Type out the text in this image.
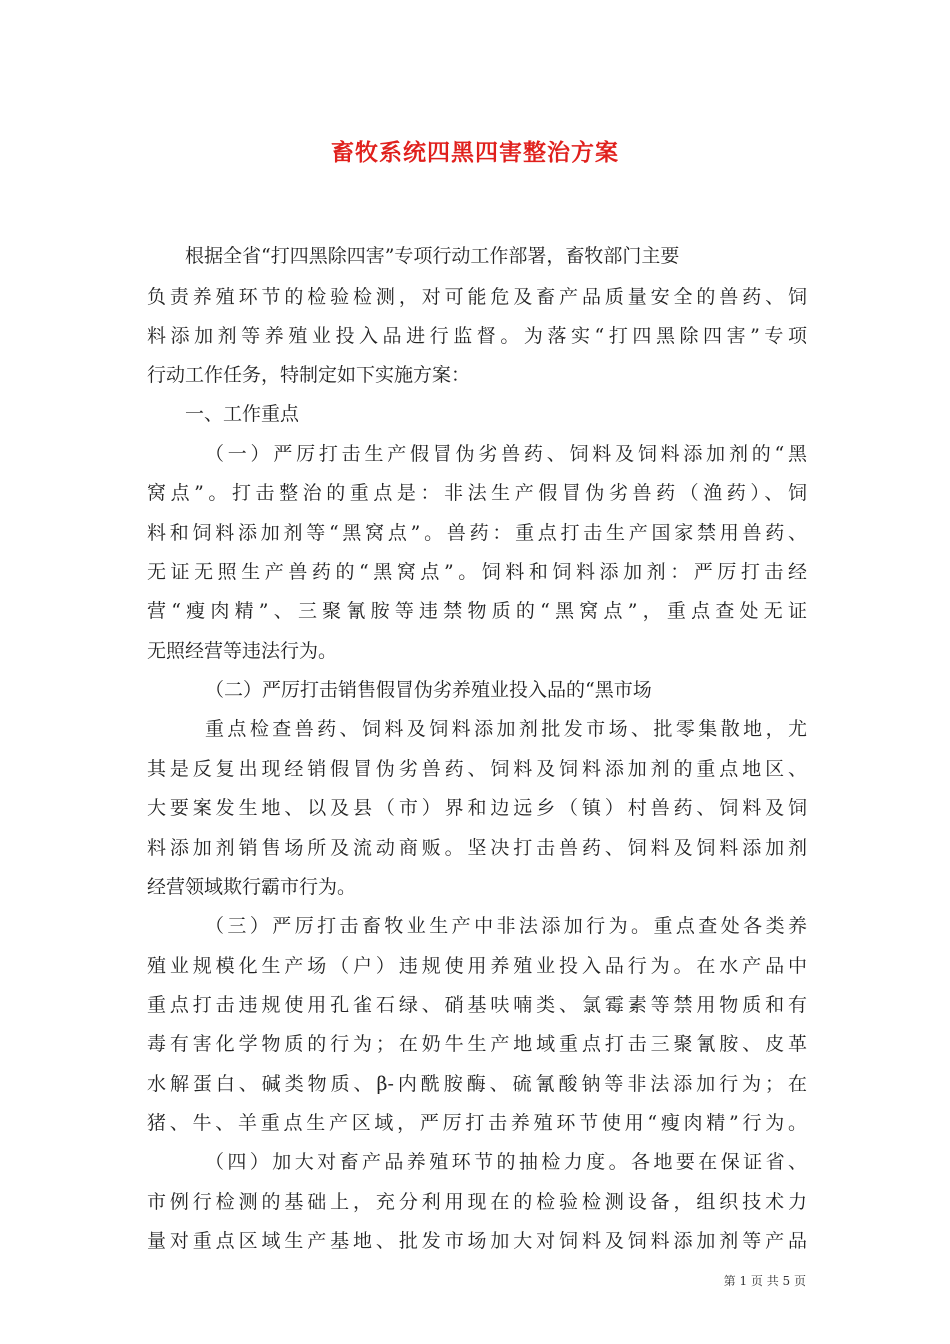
畜牧系统四黑四害整治方案
根据全省“打四黑除四害”专项行动工作部署，畜牧部门主要
负责养殖环节的检验检测，对可能危及畜产品质量安全的兽药、饲
料添加剂等养殖业投入品进行监督。为落实“打四黑除四害”专项
行动工作任务，特制定如下实施方案：
一、工作重点
（一）严厉打击生产假冒伪劣兽药、饲料及饲料添加剂的“黑
窝点”。打击整治的重点是：非法生产假冒伪劣兽药（渔药）、饲
料和饲料添加剂等“黑窝点”。兽药：重点打击生产国家禁用兽药、
无证无照生产兽药的“黑窝点”。饲料和饲料添加剂：严厉打击经
营“瘦肉精”、三聚氰胺等违禁物质的“黑窝点”，重点查处无证
无照经营等违法行为。
（二）严厉打击销售假冒伪劣养殖业投入品的“黑市场
重点检查兽药、饲料及饲料添加剂批发市场、批零集散地，尤
其是反复出现经销假冒伪劣兽药、饲料及饲料添加剂的重点地区、
大要案发生地、以及县（市）界和边远乡（镇）村兽药、饲料及饲
料添加剂销售场所及流动商贩。坚决打击兽药、饲料及饲料添加剂
经营领域欺行霸市行为。
（三）严厉打击畜牧业生产中非法添加行为。重点查处各类养
殖业规模化生产场（户）违规使用养殖业投入品行为。在水产品中
重点打击违规使用孔雀石绿、硝基呋喃类、氯霉素等禁用物质和有
毒有害化学物质的行为；在奶牛生产地域重点打击三聚氰胺、皮革
水解蛋白、碱类物质、β-内酰胺酶、硫氰酸钠等非法添加行为；在
猪、牛、羊重点生产区域，严厉打击养殖环节使用“瘦肉精”行为。
（四）加大对畜产品养殖环节的抽检力度。各地要在保证省、
市例行检测的基础上，充分利用现在的检验检测设备，组织技术力
量对重点区域生产基地、批发市场加大对饲料及饲料添加剂等产品
第 1 页 共 5 页
